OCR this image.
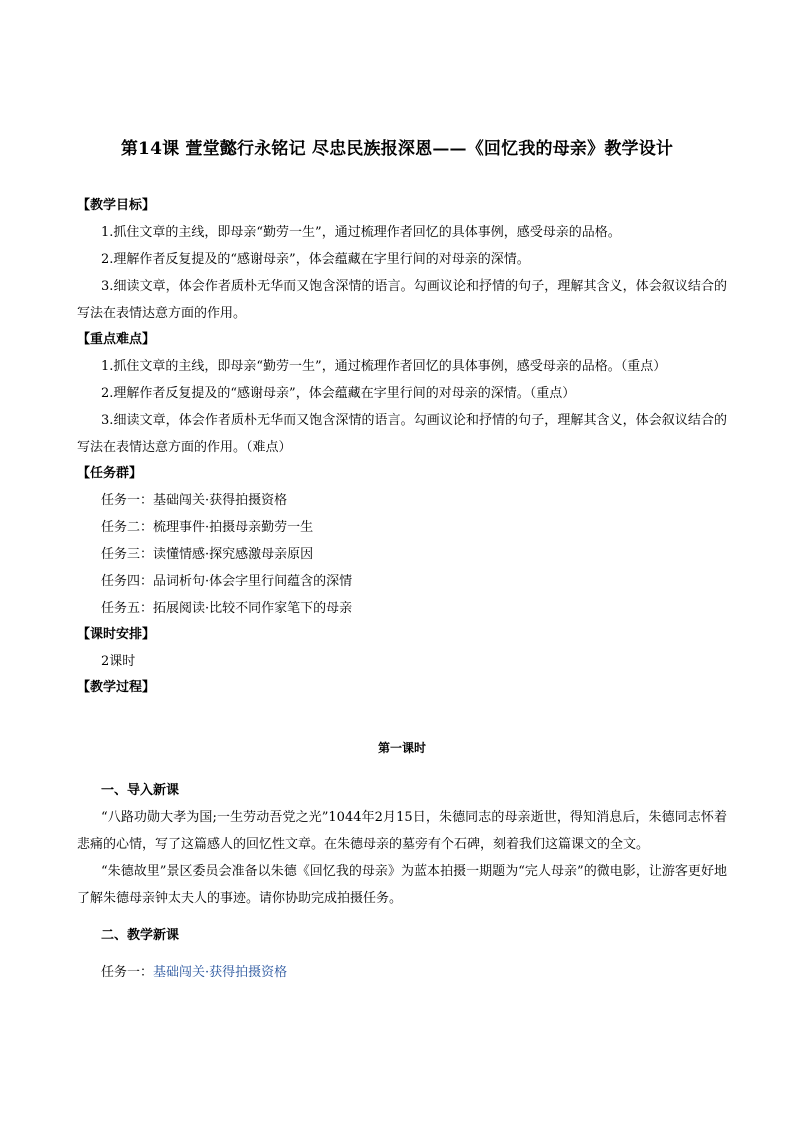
第14课 萱堂懿行永铭记 尽忠民族报深恩——《回忆我的母亲》教学设计
【教学目标】
1.抓住文章的主线，即母亲“勤劳一生”，通过梳理作者回忆的具体事例，感受母亲的品格。
2.理解作者反复提及的“感谢母亲”，体会蕴藏在字里行间的对母亲的深情。
3.细读文章，体会作者质朴无华而又饱含深情的语言。勾画议论和抒情的句子，理解其含义，体会叙议结合的写法在表情达意方面的作用。
【重点难点】
1.抓住文章的主线，即母亲“勤劳一生”，通过梳理作者回忆的具体事例，感受母亲的品格。（重点）
2.理解作者反复提及的“感谢母亲”，体会蕴藏在字里行间的对母亲的深情。（重点）
3.细读文章，体会作者质朴无华而又饱含深情的语言。勾画议论和抒情的句子，理解其含义，体会叙议结合的写法在表情达意方面的作用。（难点）
【任务群】
任务一：基础闯关·获得拍摄资格
任务二：梳理事件·拍摄母亲勤劳一生
任务三：读懂情感·探究感激母亲原因
任务四：品词析句·体会字里行间蕴含的深情
任务五：拓展阅读·比较不同作家笔下的母亲
【课时安排】
2课时
【教学过程】
第一课时
一、导入新课
“八路功勋大孝为国;一生劳动吾党之光”1044年2月15日，朱德同志的母亲逝世，得知消息后，朱德同志怀着悲痛的心情，写了这篇感人的回忆性文章。在朱德母亲的墓旁有个石碑，刻着我们这篇课文的全文。
“朱德故里”景区委员会准备以朱德《回忆我的母亲》为蓝本拍摄一期题为“完人母亲”的微电影，让游客更好地了解朱德母亲钟太夫人的事迹。请你协助完成拍摄任务。
二、教学新课
任务一：基础闯关·获得拍摄资格
